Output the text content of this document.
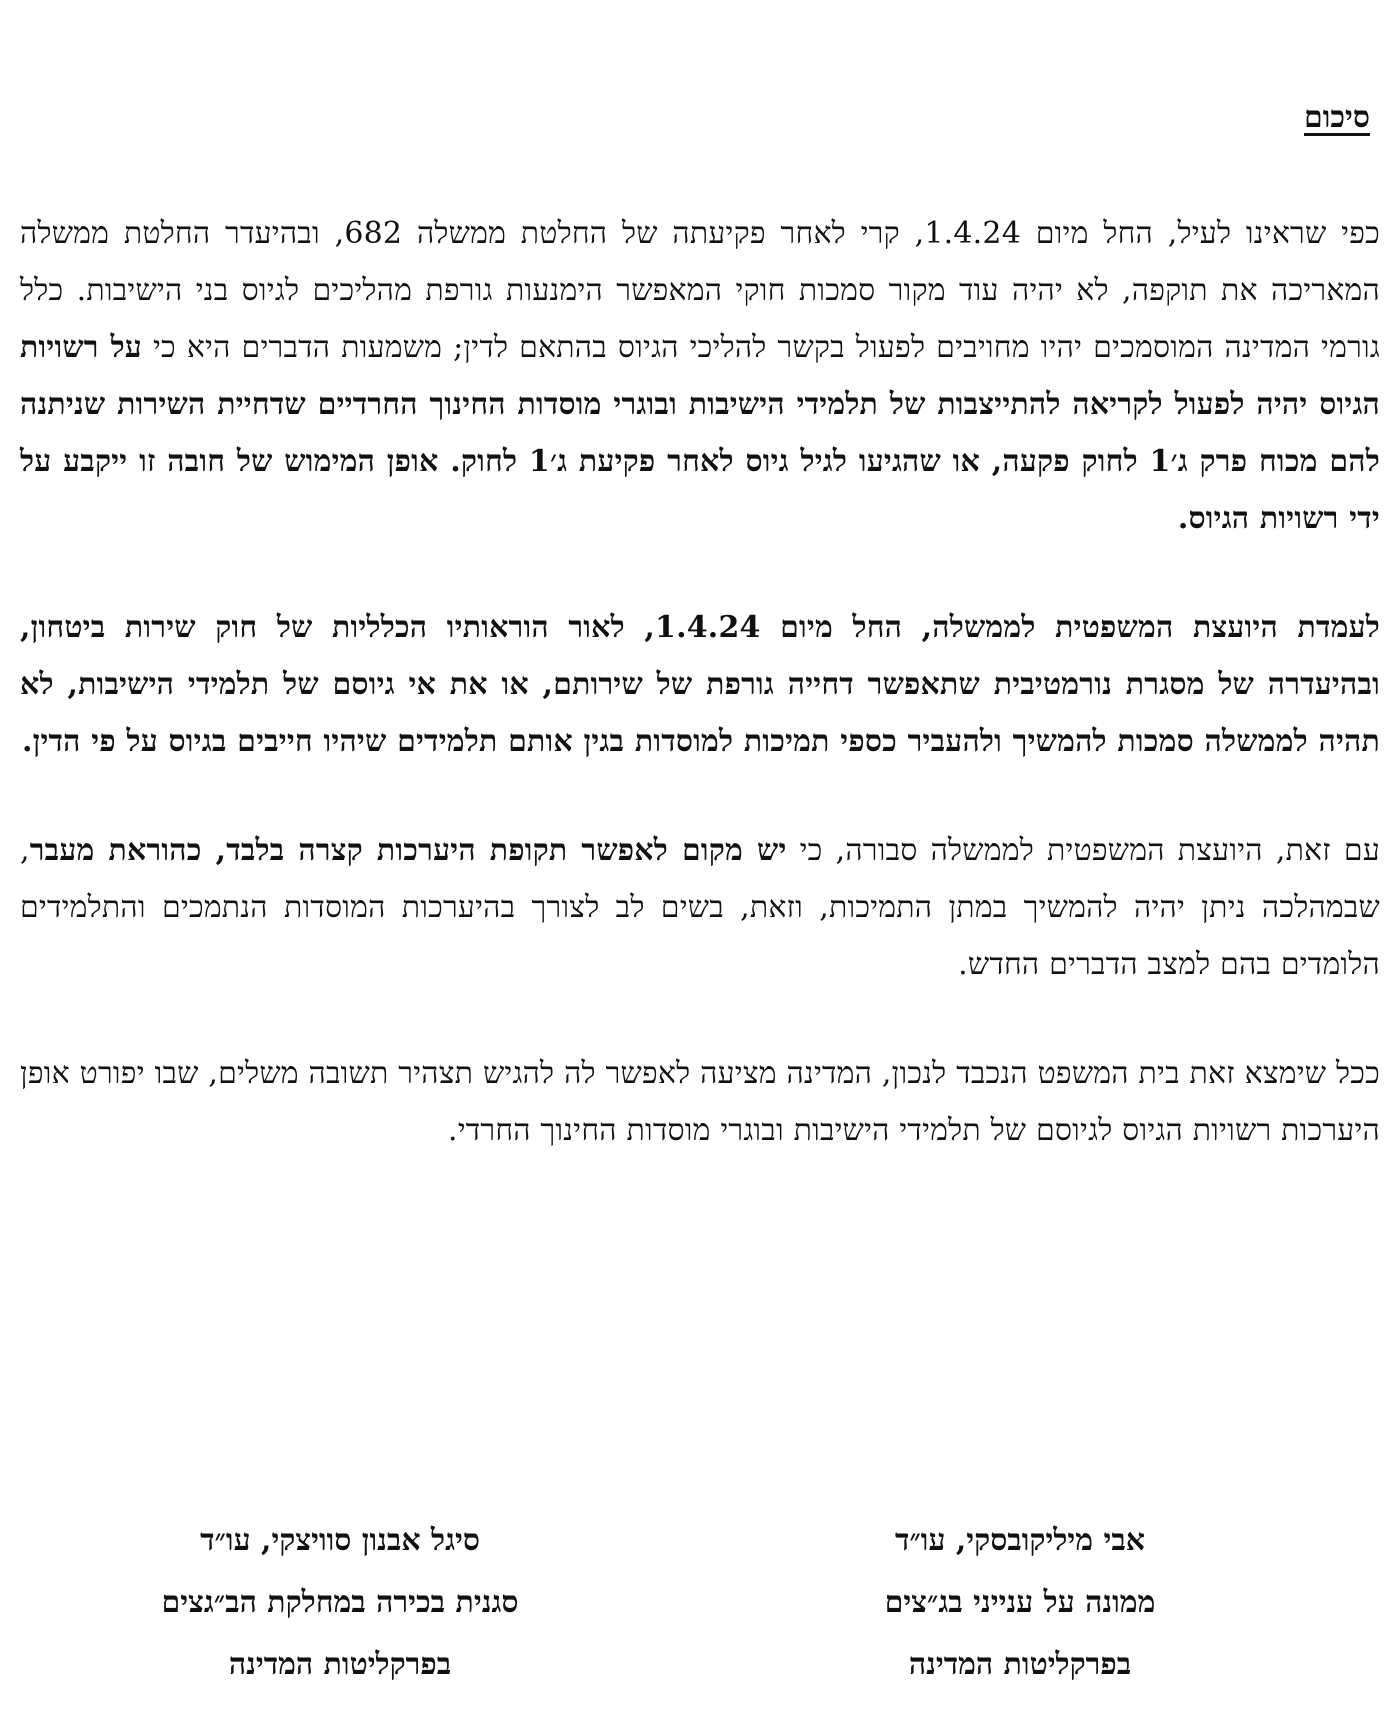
סיכום

כפי שראינו לעיל, החל מיום 1.4.24, קרי לאחר פקיעתה של החלטת ממשלה 682, ובהיעדר החלטת ממשלה המאריכה את תוקפה, לא יהיה עוד מקור סמכות חוקי המאפשר הימנעות גורפת מהליכים לגיוס בני הישיבות. כלל גורמי המדינה המוסמכים יהיו מחויבים לפעול בקשר להליכי הגיוס בהתאם לדין; משמעות הדברים היא כי על רשויות הגיוס יהיה לפעול לקריאה להתייצבות של תלמידי הישיבות ובוגרי מוסדות החינוך החרדיים שדחיית השירות שניתנה להם מכוח פרק ג׳1 לחוק פקעה, או שהגיעו לגיל גיוס לאחר פקיעת ג׳1 לחוק. אופן המימוש של חובה זו ייקבע על ידי רשויות הגיוס.

לעמדת היועצת המשפטית לממשלה, החל מיום 1.4.24, לאור הוראותיו הכלליות של חוק שירות ביטחון, ובהיעדרה של מסגרת נורמטיבית שתאפשר דחייה גורפת של שירותם, או את אי גיוסם של תלמידי הישיבות, לא תהיה לממשלה סמכות להמשיך ולהעביר כספי תמיכות למוסדות בגין אותם תלמידים שיהיו חייבים בגיוס על פי הדין.

עם זאת, היועצת המשפטית לממשלה סבורה, כי יש מקום לאפשר תקופת היערכות קצרה בלבד, כהוראת מעבר, שבמהלכה ניתן יהיה להמשיך במתן התמיכות, וזאת, בשים לב לצורך בהיערכות המוסדות הנתמכים והתלמידים הלומדים בהם למצב הדברים החדש.

ככל שימצא זאת בית המשפט הנכבד לנכון, המדינה מציעה לאפשר לה להגיש תצהיר תשובה משלים, שבו יפורט אופן היערכות רשויות הגיוס לגיוסם של תלמידי הישיבות ובוגרי מוסדות החינוך החרדי.

אבי מיליקובסקי, עו״ד
ממונה על ענייני בג״צים
בפרקליטות המדינה
סיגל אבנון סוויצקי, עו״ד
סגנית בכירה במחלקת הב״גצים
בפרקליטות המדינה
